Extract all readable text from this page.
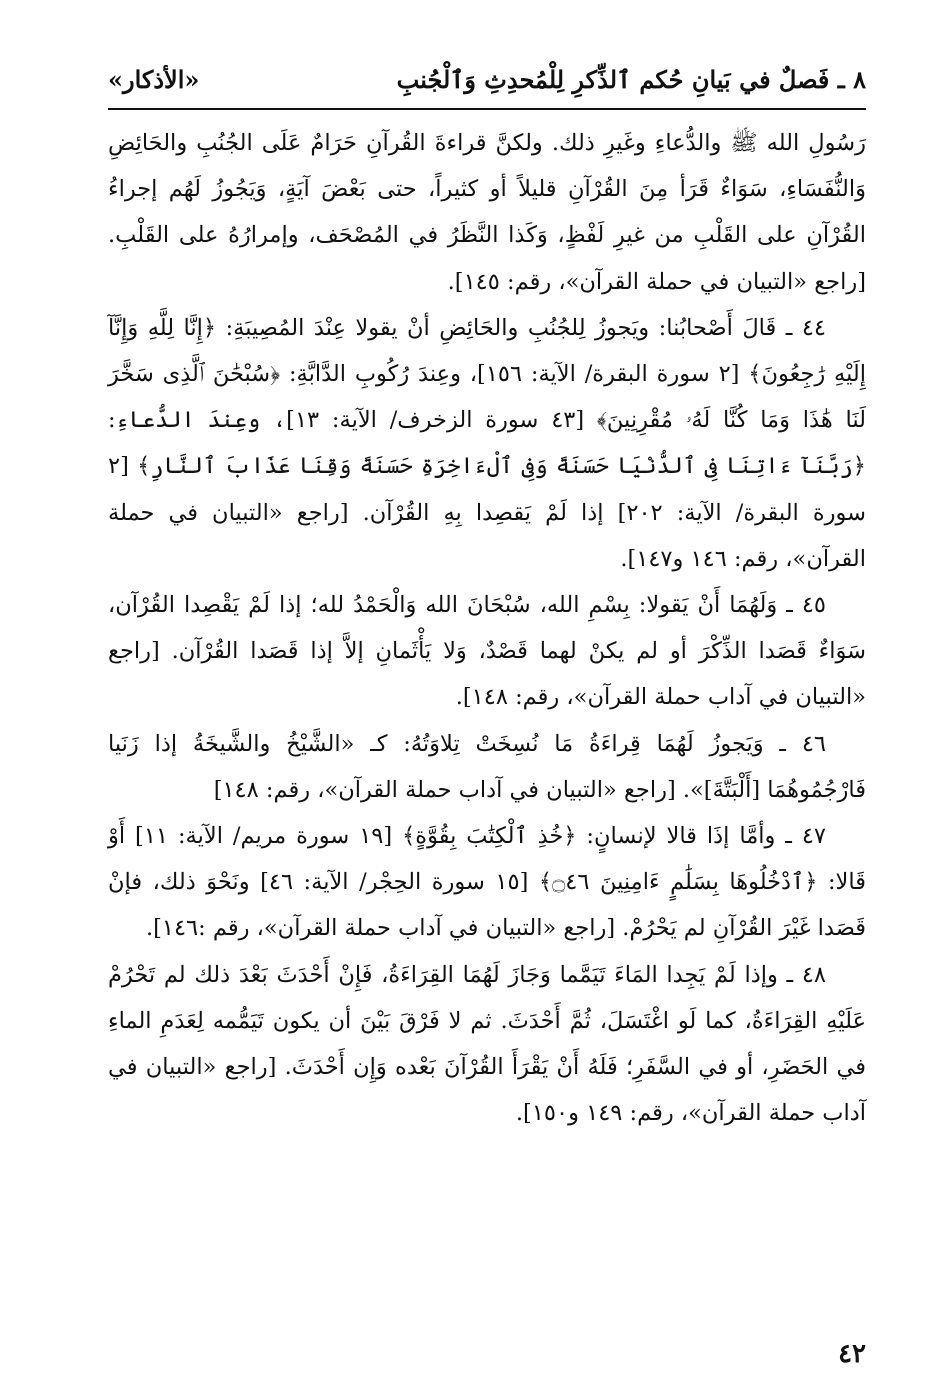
٨ ـ فَصلٌ في بَيانِ حُكم ٱلذِّكرِ لِلْمُحدِثِ وَٱلْجُنبِ
«الأذكار»

رَسُولِ الله ﷺ والدُّعاءِ وغَيرِ ذلك. ولكنَّ قراءةَ القُرآنِ حَرَامٌ عَلَى الجُنُبِ والحَائِضِ وَالنُّفَسَاءِ، سَوَاءٌ قَرَأ مِنَ القُرْآنِ قليلاً أو كثيراً، حتى بَعْضَ آيَةٍ، وَيَجُوزُ لَهُم إجراءُ القُرْآنِ على القَلْبِ من غيرِ لَفْظٍ، وَكَذا النَّظَرُ في المُصْحَف، وإمرارُهُ على القَلْبِ. [راجع «التبيان في حملة القرآن»، رقم: ١٤٥].

٤٤ ـ قَالَ أَصْحابُنا: ويَجوزُ لِلجُنُبِ والحَائِضِ أنْ يقولا عِنْدَ المُصِيبَةِ: ﴿إِنَّا لِلَّهِ وَإِنَّآ إِلَيْهِ رَٰجِعُونَ﴾ [٢ سورة البقرة/ الآية: ١٥٦]، وعِندَ رُكُوبِ الدَّابَّةِ: ﴿سُبْحَٰنَ ٱلَّذِى سَخَّرَ لَنَا هَٰذَا وَمَا كُنَّا لَهُۥ مُقْرِنِينَ﴾ [٤٣ سورة الزخرف/ الآية: ١٣]، وعِندَ الدُّعاءِ: ﴿رَبَّنَآ ءَاتِنَا فِى ٱلدُّنْيَا حَسَنَةً وَفِى ٱلْءَاخِرَةِ حَسَنَةً وَقِنَا عَذَابَ ٱلنَّارِ﴾ [٢ سورة البقرة/ الآية: ٢٠٢] إذا لَمْ يَقصِدا بِهِ القُرْآن. [راجع «التبيان في حملة القرآن»، رقم: ١٤٦ و١٤٧].

٤٥ ـ وَلَهُمَا أَنْ يَقولا: بِسْمِ الله، سُبْحَانَ الله وَالْحَمْدُ لله؛ إذا لَمْ يَقْصِدا القُرْآن، سَوَاءٌ قَصَدا الذِّكْرَ أو لم يكنْ لهما قَصْدٌ، وَلا يَأْثَمانِ إلاَّ إذا قَصَدا القُرْآن. [راجع «التبيان في آداب حملة القرآن»، رقم: ١٤٨].

٤٦ ـ وَيَجوزُ لَهُمَا قِراءَةُ مَا نُسِخَتْ تِلاوَتُهُ: كـ «الشَّيْخُ والشَّيخَةُ إذا زَنَيا فَارْجُمُوهُمَا [أَلْبَتَّةَ]». [راجع «التبيان في آداب حملة القرآن»، رقم: ١٤٨]

٤٧ ـ وأمَّا إذَا قالا لإنسانٍ: ﴿خُذِ ٱلْكِتَٰبَ بِقُوَّةٍ﴾ [١٩ سورة مريم/ الآية: ١١] أَوْ قَالا: ﴿ٱدْخُلُوهَا بِسَلَٰمٍ ءَامِنِينَ ۝٤٦﴾ [١٥ سورة الحِجْر/ الآية: ٤٦] ونَحْوَ ذلك، فإنْ قَصَدا غَيْرَ القُرْآنِ لم يَحْرُمْ. [راجع «التبيان في آداب حملة القرآن»، رقم :١٤٦].

٤٨ ـ وإذا لَمْ يَجِدا المَاءَ تَيَمَّما وَجَازَ لَهُمَا القِرَاءَةُ، فَإِنْ أَحْدَثَ بَعْدَ ذلك لم تَحْرُمْ عَلَيْهِ القِرَاءَةُ، كما لَو اغْتَسَلَ، ثُمَّ أَحْدَثَ. ثم لا فَرْقَ بَيْنَ أن يكون تَيَمُّمه لِعَدَمِ الماءِ في الحَضَرِ، أو في السَّفَرِ؛ فَلَهُ أَنْ يَقْرَأَ القُرْآنَ بَعْده وَإِن أَحْدَثَ. [راجع «التبيان في آداب حملة القرآن»، رقم: ١٤٩ و١٥٠].

٤٢
